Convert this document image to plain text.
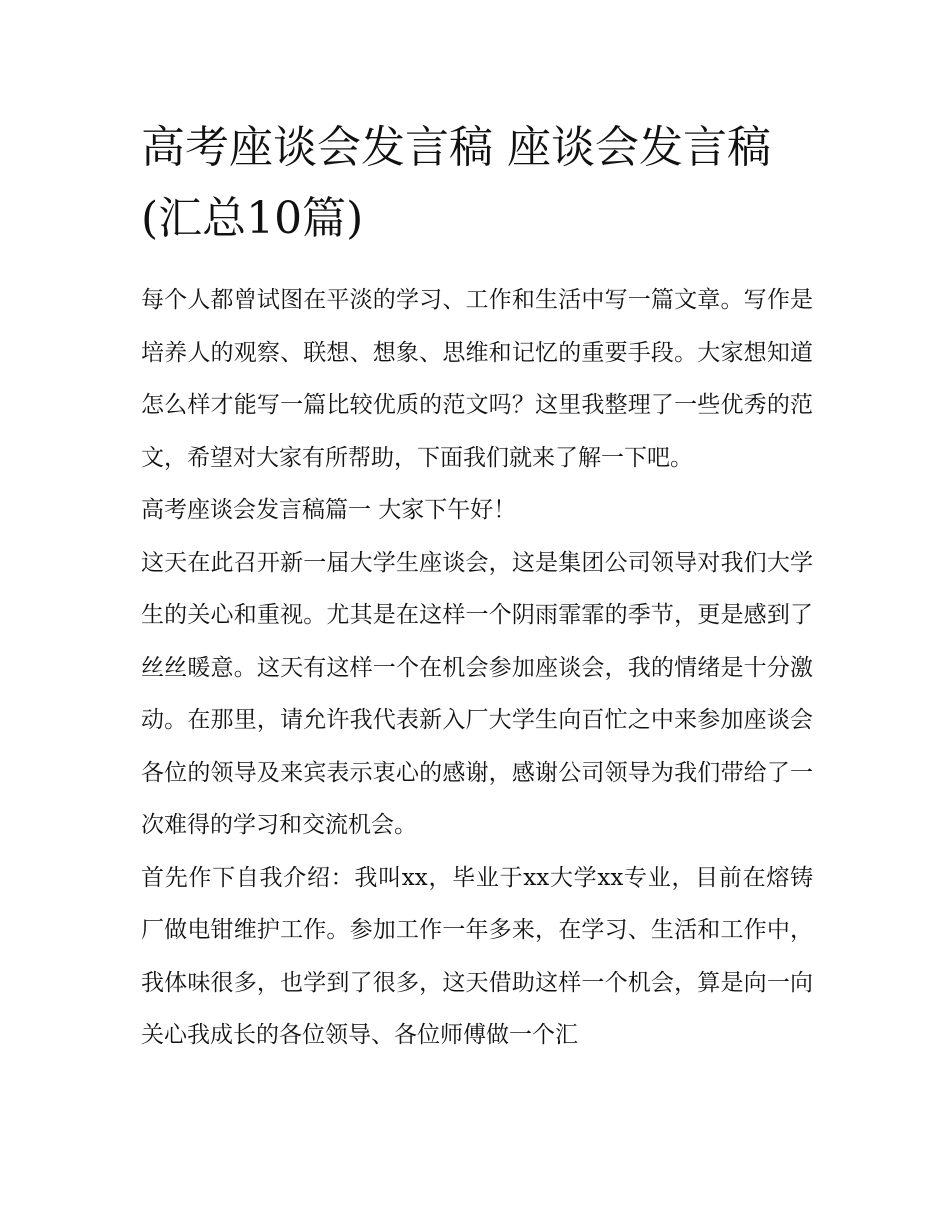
高考座谈会发言稿 座谈会发言稿(汇总10篇)

每个人都曾试图在平淡的学习、工作和生活中写一篇文章。写作是培养人的观察、联想、想象、思维和记忆的重要手段。大家想知道怎么样才能写一篇比较优质的范文吗？这里我整理了一些优秀的范文，希望对大家有所帮助，下面我们就来了解一下吧。

高考座谈会发言稿篇一 大家下午好！

这天在此召开新一届大学生座谈会，这是集团公司领导对我们大学生的关心和重视。尤其是在这样一个阴雨霏霏的季节，更是感到了丝丝暖意。这天有这样一个在机会参加座谈会，我的情绪是十分激动。在那里，请允许我代表新入厂大学生向百忙之中来参加座谈会各位的领导及来宾表示衷心的感谢，感谢公司领导为我们带给了一次难得的学习和交流机会。

首先作下自我介绍：我叫xx，毕业于xx大学xx专业，目前在熔铸厂做电钳维护工作。参加工作一年多来，在学习、生活和工作中，我体味很多，也学到了很多，这天借助这样一个机会，算是向一向关心我成长的各位领导、各位师傅做一个汇
